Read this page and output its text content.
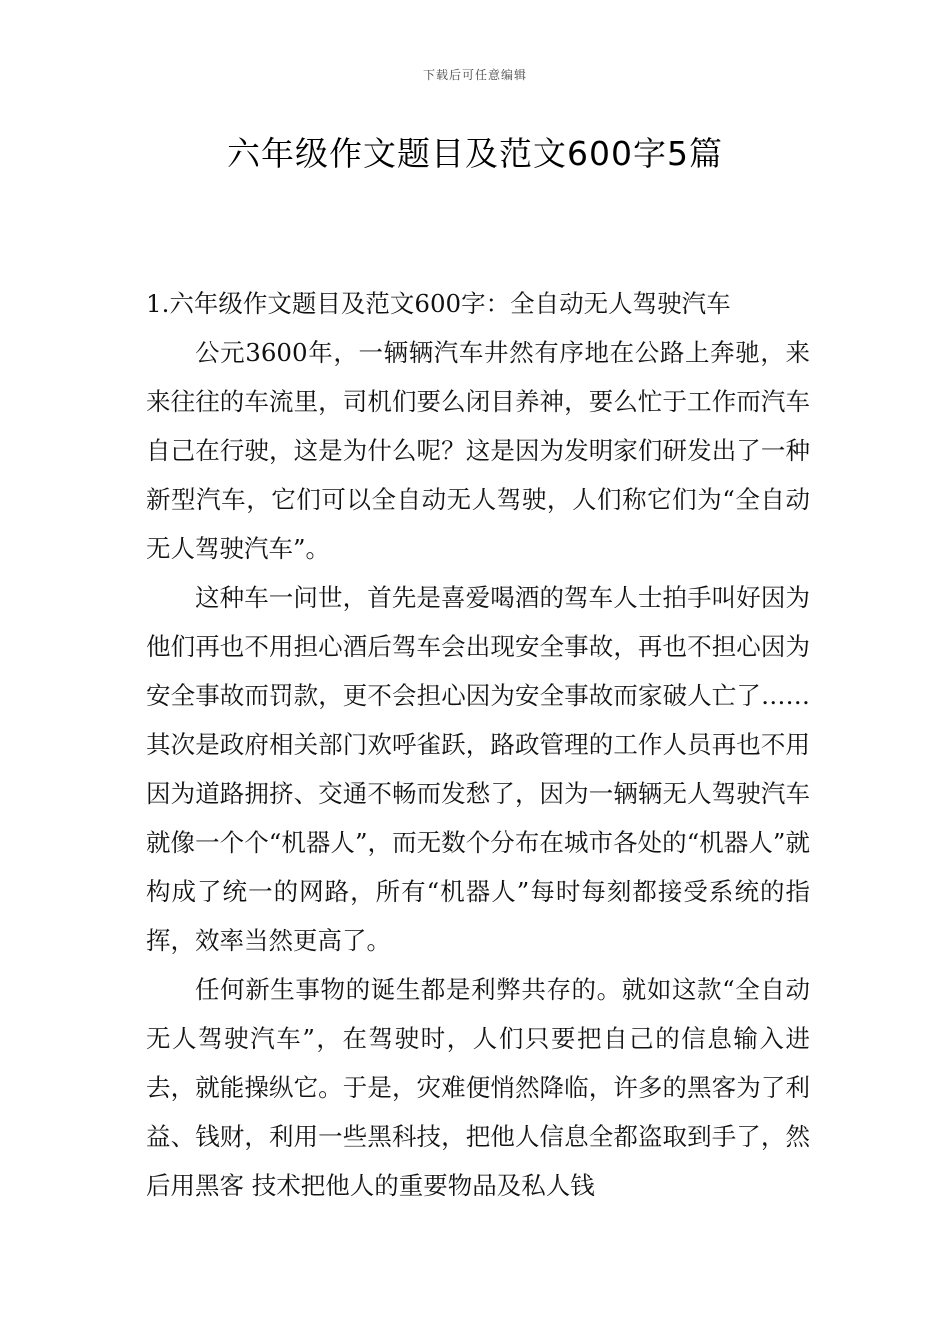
下载后可任意编辑
六年级作文题目及范文600字5篇

1.六年级作文题目及范文600字：全自动无人驾驶汽车

公元3600年，一辆辆汽车井然有序地在公路上奔驰，来来往往的车流里，司机们要么闭目养神，要么忙于工作而汽车自己在行驶，这是为什么呢？这是因为发明家们研发出了一种新型汽车，它们可以全自动无人驾驶，人们称它们为“全自动无人驾驶汽车”。

这种车一问世，首先是喜爱喝酒的驾车人士拍手叫好因为他们再也不用担心酒后驾车会出现安全事故，再也不担心因为安全事故而罚款，更不会担心因为安全事故而家破人亡了……其次是政府相关部门欢呼雀跃，路政管理的工作人员再也不用因为道路拥挤、交通不畅而发愁了，因为一辆辆无人驾驶汽车就像一个个“机器人”，而无数个分布在城市各处的“机器人”就构成了统一的网路，所有“机器人”每时每刻都接受系统的指挥，效率当然更高了。

任何新生事物的诞生都是利弊共存的。就如这款“全自动无人驾驶汽车”，在驾驶时，人们只要把自己的信息输入进去，就能操纵它。于是，灾难便悄然降临，许多的黑客为了利益、钱财，利用一些黑科技，把他人信息全都盗取到手了，然后用黑客 技术把他人的重要物品及私人钱
